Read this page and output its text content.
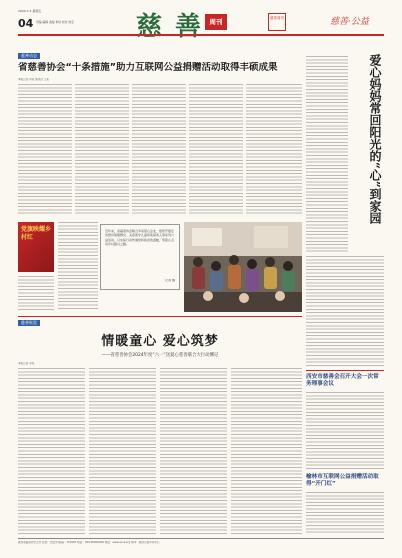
2024.7.5 星期五
04 责编 编辑 美编 审校 校对 核定	慈 善 周刊	慈善周刊	慈善·公益
慈善动态
省慈善协会“十条措施”助力互联网公益捐赠活动取得丰硕成果
本报记者 李某 通讯员 王某
党旗映耀乡村红
近年来，省慈善协会联合多家爱心企业，组织开展走访慰问困难群众、关爱留守儿童和孤寡老人等系列公益活动，以实际行动传递党和政府的温暖，用爱心点亮乡村振兴之路。
记者 摄
爱心妈妈常回阳光的“心”到家园
慈善纵览
情暖童心 爱心筑梦
——省慈善协会2024年度“六一”送爱心慈善联合大行动侧记
本报记者 李某
西安市慈善会召开大会一次常务理事会议
榆林市互联网公益捐赠活动取得“开门红”
陕西省慈善协会主办 社址：西安市 邮编：710000 电话：029-00000000 网址：www.sxcs.org 承印：陕西日报印务中心
